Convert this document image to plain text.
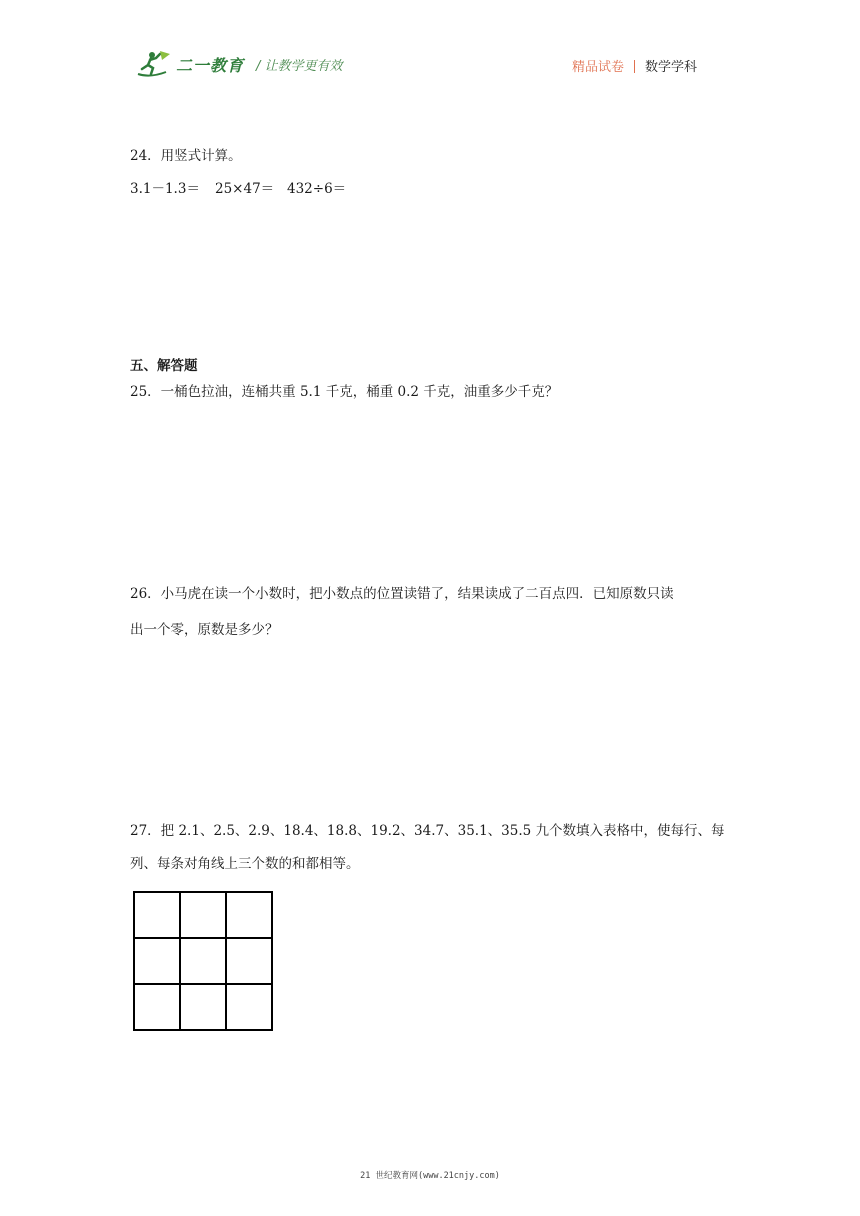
二一教育 / 让教学更有效	精品试卷 数学学科
24．用竖式计算。
3.1－1.3＝ 25×47＝ 432÷6＝
五、解答题
25．一桶色拉油，连桶共重 5.1 千克，桶重 0.2 千克，油重多少千克？
26．小马虎在读一个小数时，把小数点的位置读错了，结果读成了二百点四．已知原数只读
出一个零，原数是多少？
27．把 2.1、2.5、2.9、18.4、18.8、19.2、34.7、35.1、35.5 九个数填入表格中，使每行、每
列、每条对角线上三个数的和都相等。

21 世纪教育网(www.21cnjy.com)
